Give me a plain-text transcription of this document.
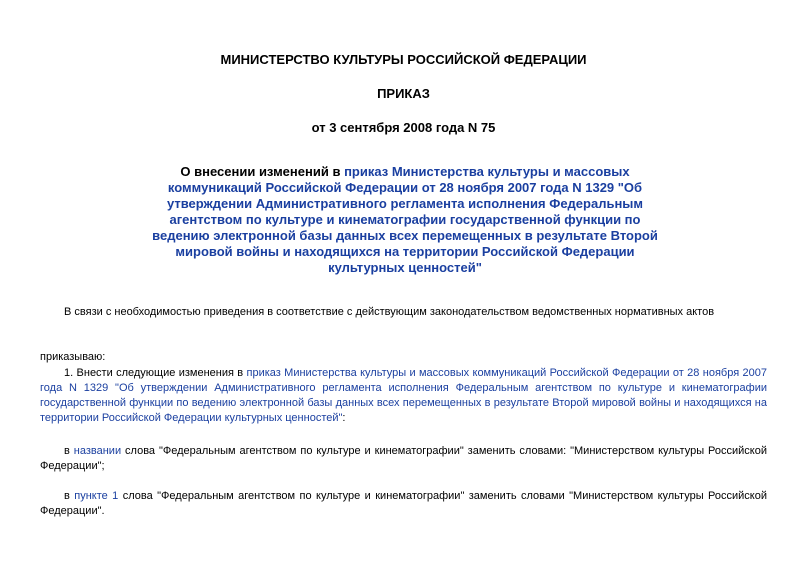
МИНИСТЕРСТВО КУЛЬТУРЫ РОССИЙСКОЙ ФЕДЕРАЦИИ

ПРИКАЗ

от 3 сентября 2008 года N 75

О внесении изменений в приказ Министерства культуры и массовых коммуникаций Российской Федерации от 28 ноября 2007 года N 1329 "Об утверждении Административного регламента исполнения Федеральным агентством по культуре и кинематографии государственной функции по ведению электронной базы данных всех перемещенных в результате Второй мировой войны и находящихся на территории Российской Федерации культурных ценностей"

В связи с необходимостью приведения в соответствие с действующим законодательством ведомственных нормативных актов

приказываю:

1. Внести следующие изменения в приказ Министерства культуры и массовых коммуникаций Российской Федерации от 28 ноября 2007 года N 1329 "Об утверждении Административного регламента исполнения Федеральным агентством по культуре и кинематографии государственной функции по ведению электронной базы данных всех перемещенных в результате Второй мировой войны и находящихся на территории Российской Федерации культурных ценностей":

в названии слова "Федеральным агентством по культуре и кинематографии" заменить словами: "Министерством культуры Российской Федерации";

в пункте 1 слова "Федеральным агентством по культуре и кинематографии" заменить словами "Министерством культуры Российской Федерации".
